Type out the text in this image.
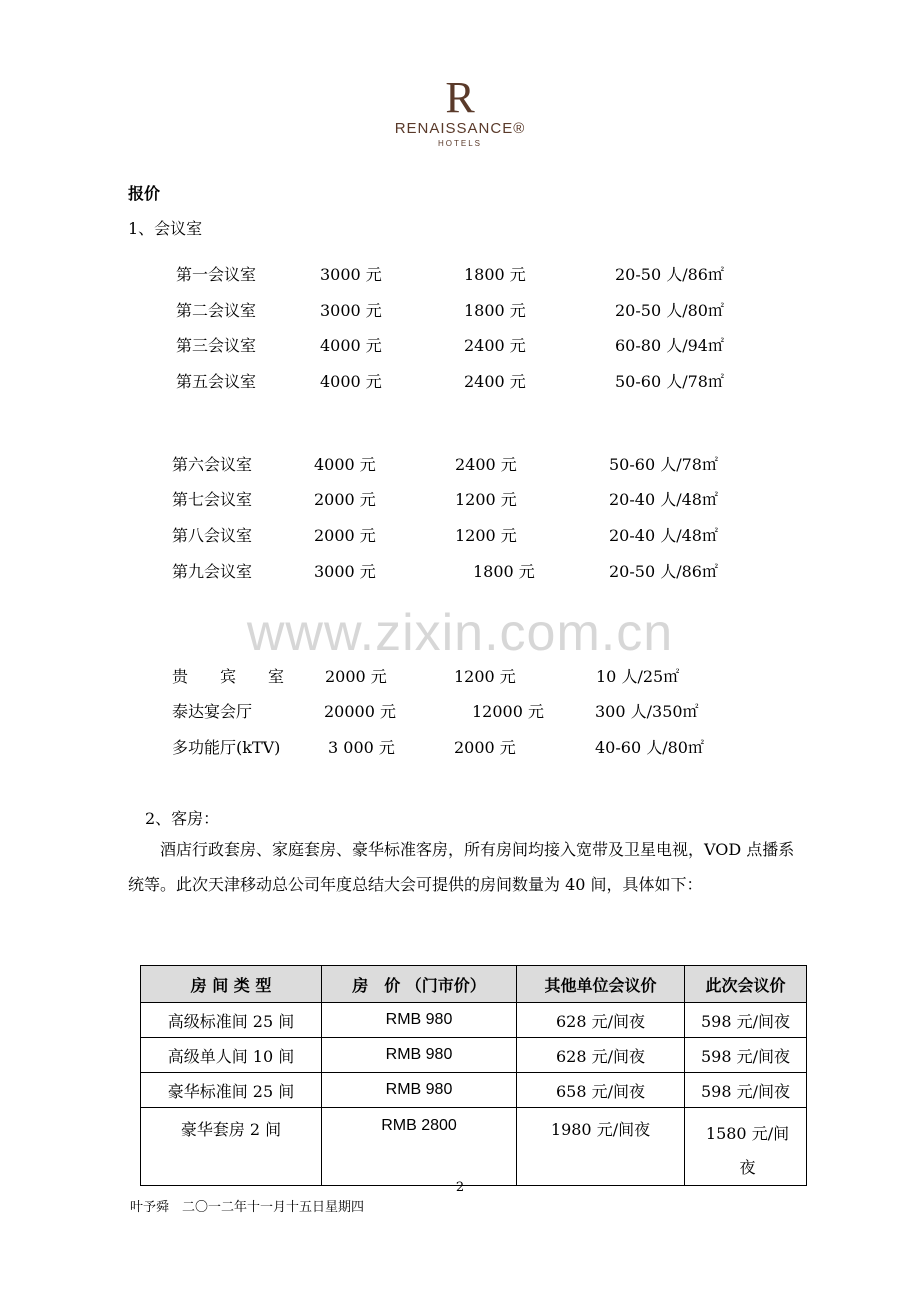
R
RENAISSANCE®
HOTELS
报价
1、会议室
第一会议室	3000 元	1800 元	20-50 人/86㎡
第二会议室	3000 元	1800 元	20-50 人/80㎡
第三会议室	4000 元	2400 元	60-80 人/94㎡
第五会议室	4000 元	2400 元	50-60 人/78㎡
第六会议室	4000 元	2400 元	50-60 人/78㎡
第七会议室	2000 元	1200 元	20-40 人/48㎡
第八会议室	2000 元	1200 元	20-40 人/48㎡
第九会议室	3000 元	1800 元	20-50 人/86㎡
www.zixin.com.cn
贵　　宾　　室	2000 元	1200 元	10 人/25㎡
泰达宴会厅	20000 元	12000 元	300 人/350㎡
多功能厅(kTV)	3 000 元	2000 元	40-60 人/80㎡
2、客房：
　　酒店行政套房、家庭套房、豪华标准客房，所有房间均接入宽带及卫星电视，VOD 点播系统等。此次天津移动总公司年度总结大会可提供的房间数量为 40 间，具体如下：
房 间 类 型	房　价 （门市价）	其他单位会议价	此次会议价
高级标准间 25 间	RMB 980	628 元/间夜	598 元/间夜
高级单人间 10 间	RMB 980	628 元/间夜	598 元/间夜
豪华标准间 25 间	RMB 980	658 元/间夜	598 元/间夜
豪华套房 2 间	RMB 2800	1980 元/间夜	1580 元/间夜
2
叶予舜　二〇一二年十一月十五日星期四
